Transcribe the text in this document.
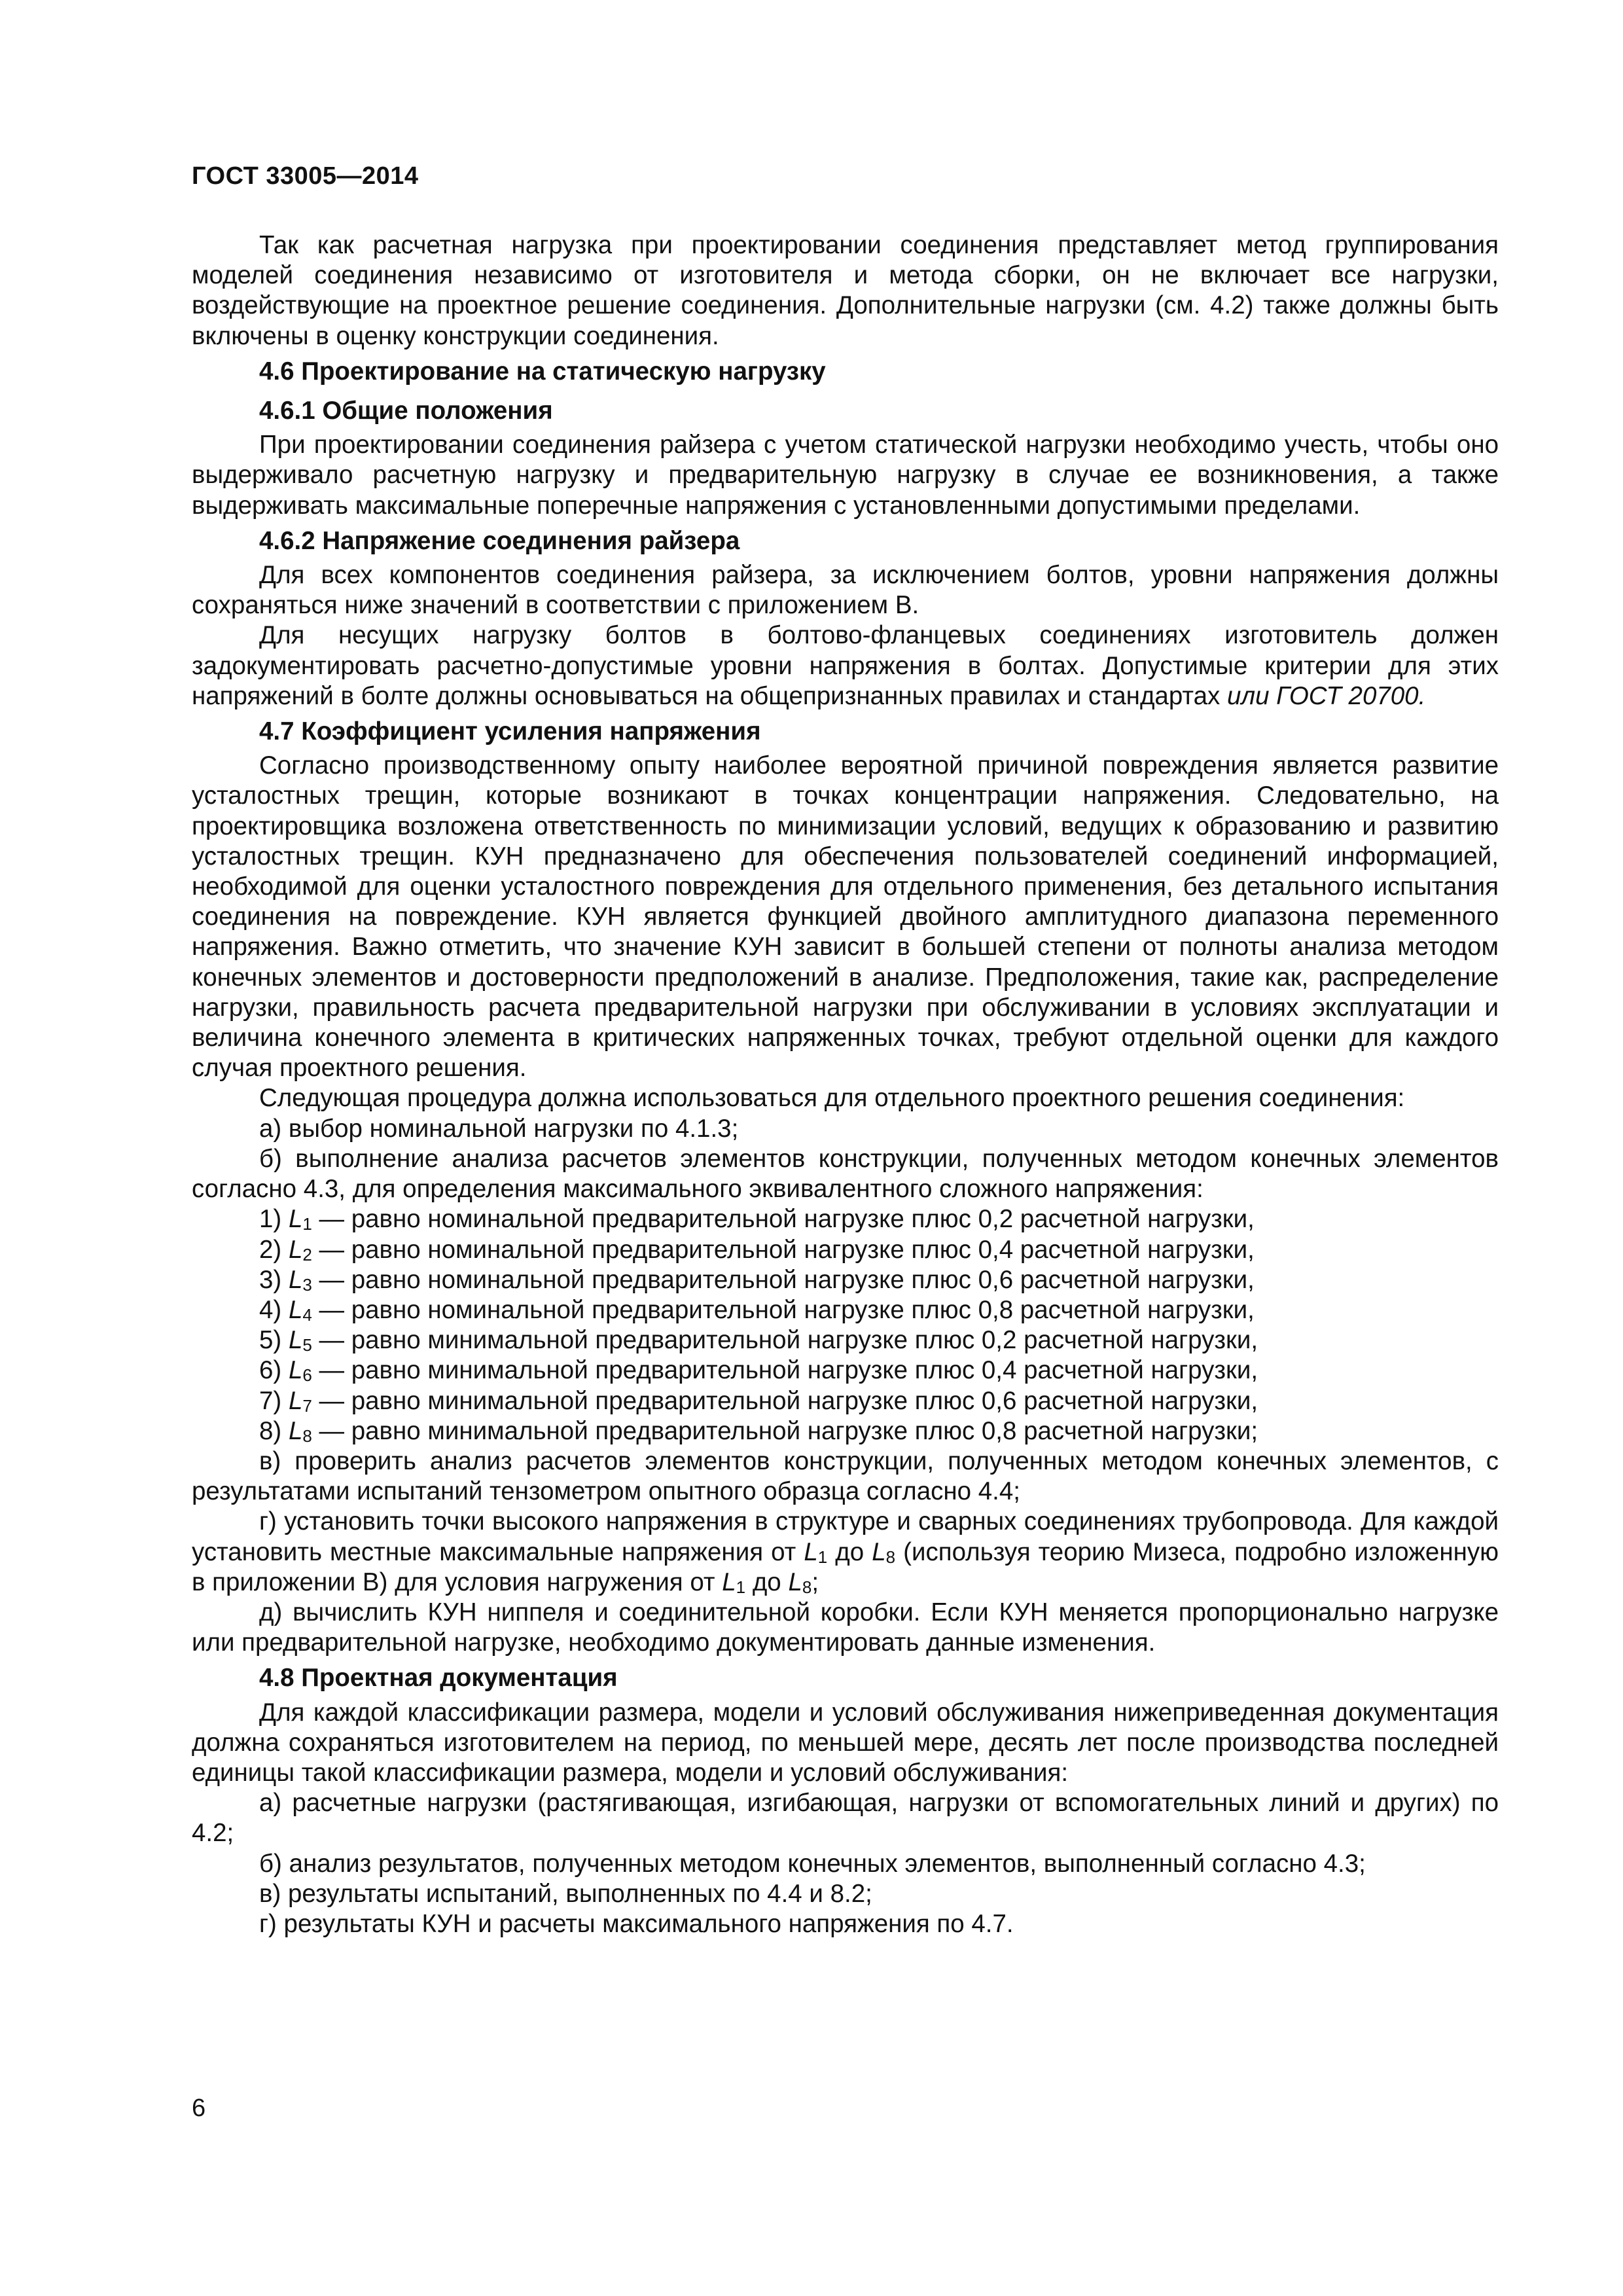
ГОСТ 33005—2014

Так как расчетная нагрузка при проектировании соединения представляет метод группирования моделей соединения независимо от изготовителя и метода сборки, он не включает все нагрузки, воздействующие на проектное решение соединения. Дополнительные нагрузки (см. 4.2) также должны быть включены в оценку конструкции соединения.

4.6 Проектирование на статическую нагрузку

4.6.1 Общие положения

При проектировании соединения райзера с учетом статической нагрузки необходимо учесть, чтобы оно выдерживало расчетную нагрузку и предварительную нагрузку в случае ее возникновения, а также выдерживать максимальные поперечные напряжения с установленными допустимыми пределами.

4.6.2 Напряжение соединения райзера

Для всех компонентов соединения райзера, за исключением болтов, уровни напряжения должны сохраняться ниже значений в соответствии с приложением В.

Для несущих нагрузку болтов в болтово-фланцевых соединениях изготовитель должен задокументировать расчетно-допустимые уровни напряжения в болтах. Допустимые критерии для этих напряжений в болте должны основываться на общепризнанных правилах и стандартах или ГОСТ 20700.

4.7 Коэффициент усиления напряжения

Согласно производственному опыту наиболее вероятной причиной повреждения является развитие усталостных трещин, которые возникают в точках концентрации напряжения. Следовательно, на проектировщика возложена ответственность по минимизации условий, ведущих к образованию и развитию усталостных трещин. КУН предназначено для обеспечения пользователей соединений информацией, необходимой для оценки усталостного повреждения для отдельного применения, без детального испытания соединения на повреждение. КУН является функцией двойного амплитудного диапазона переменного напряжения. Важно отметить, что значение КУН зависит в большей степени от полноты анализа методом конечных элементов и достоверности предположений в анализе. Предположения, такие как, распределение нагрузки, правильность расчета предварительной нагрузки при обслуживании в условиях эксплуатации и величина конечного элемента в критических напряженных точках, требуют отдельной оценки для каждого случая проектного решения.

Следующая процедура должна использоваться для отдельного проектного решения соединения:

а) выбор номинальной нагрузки по 4.1.3;

б) выполнение анализа расчетов элементов конструкции, полученных методом конечных элементов согласно 4.3, для определения максимального эквивалентного сложного напряжения:

1) $L_1$ — равно номинальной предварительной нагрузке плюс 0,2 расчетной нагрузки,

2) $L_2$ — равно номинальной предварительной нагрузке плюс 0,4 расчетной нагрузки,

3) $L_3$ — равно номинальной предварительной нагрузке плюс 0,6 расчетной нагрузки,

4) $L_4$ — равно номинальной предварительной нагрузке плюс 0,8 расчетной нагрузки,

5) $L_5$ — равно минимальной предварительной нагрузке плюс 0,2 расчетной нагрузки,

6) $L_6$ — равно минимальной предварительной нагрузке плюс 0,4 расчетной нагрузки,

7) $L_7$ — равно минимальной предварительной нагрузке плюс 0,6 расчетной нагрузки,

8) $L_8$ — равно минимальной предварительной нагрузке плюс 0,8 расчетной нагрузки;

в) проверить анализ расчетов элементов конструкции, полученных методом конечных элементов, с результатами испытаний тензометром опытного образца согласно 4.4;

г) установить точки высокого напряжения в структуре и сварных соединениях трубопровода. Для каждой установить местные максимальные напряжения от $L_1$ до $L_8$ (используя теорию Мизеса, подробно изложенную в приложении В) для условия нагружения от $L_1$ до $L_8$;

д) вычислить КУН ниппеля и соединительной коробки. Если КУН меняется пропорционально нагрузке или предварительной нагрузке, необходимо документировать данные изменения.

4.8 Проектная документация

Для каждой классификации размера, модели и условий обслуживания нижеприведенная документация должна сохраняться изготовителем на период, по меньшей мере, десять лет после производства последней единицы такой классификации размера, модели и условий обслуживания:

а) расчетные нагрузки (растягивающая, изгибающая, нагрузки от вспомогательных линий и других) по 4.2;

б) анализ результатов, полученных методом конечных элементов, выполненный согласно 4.3;

в) результаты испытаний, выполненных по 4.4 и 8.2;

г) результаты КУН и расчеты максимального напряжения по 4.7.

6
